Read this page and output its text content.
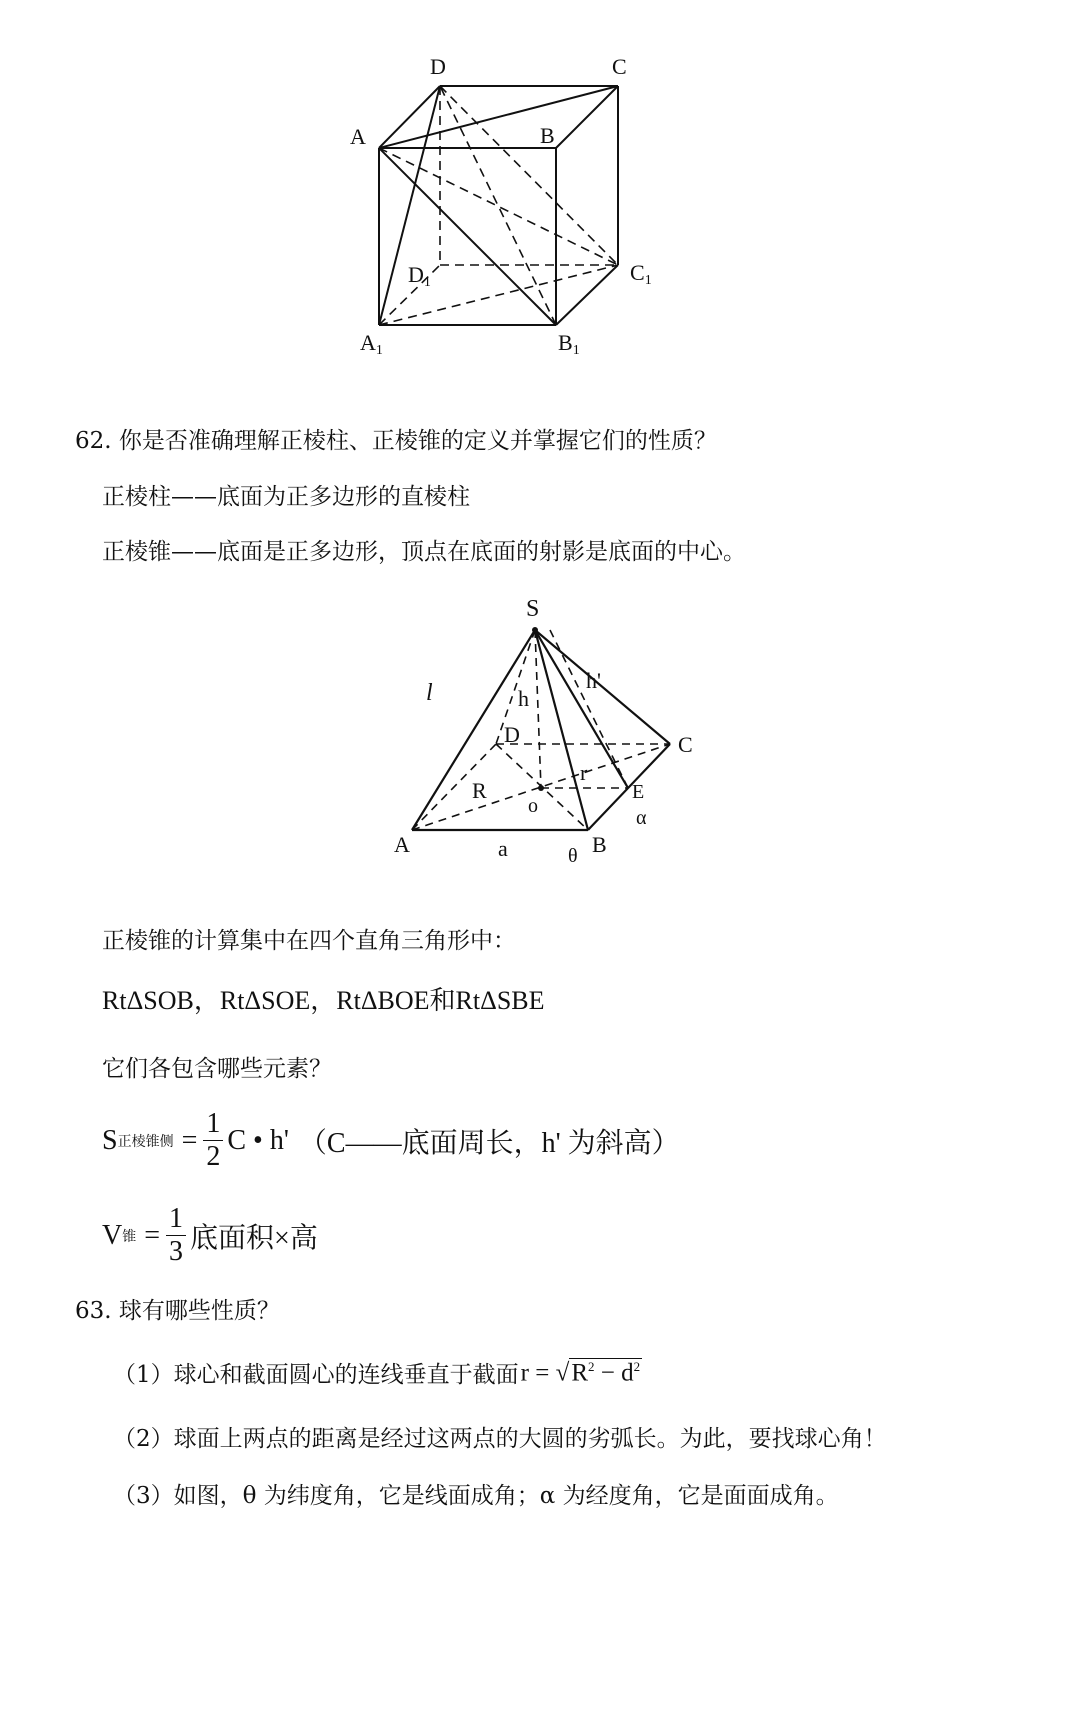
D	C
A	B
D1	C1
A1	B1
62. 你是否准确理解正棱柱、正棱锥的定义并掌握它们的性质？
正棱柱——底面为正多边形的直棱柱
正棱锥——底面是正多边形，顶点在底面的射影是底面的中心。
S
l	h
h'
D	C
R
r
o
E
α
A	a	θ B
正棱锥的计算集中在四个直角三角形中：
RtΔSOB，RtΔSOE，RtΔBOE和RtΔSBE
它们各包含哪些元素？
S 正棱锥侧 = $\frac{1}{2}$ C • h' （C——底面周长，h' 为斜高）
V 锥 = $\frac{1}{3}$ 底面积×高
63. 球有哪些性质？
（1）球心和截面圆心的连线垂直于截面 $r = √R^2 - d^2$
（2）球面上两点的距离是经过这两点的大圆的劣弧长。为此，要找球心角！
（3）如图，θ 为纬度角，它是线面成角；α 为经度角，它是面面成角。
